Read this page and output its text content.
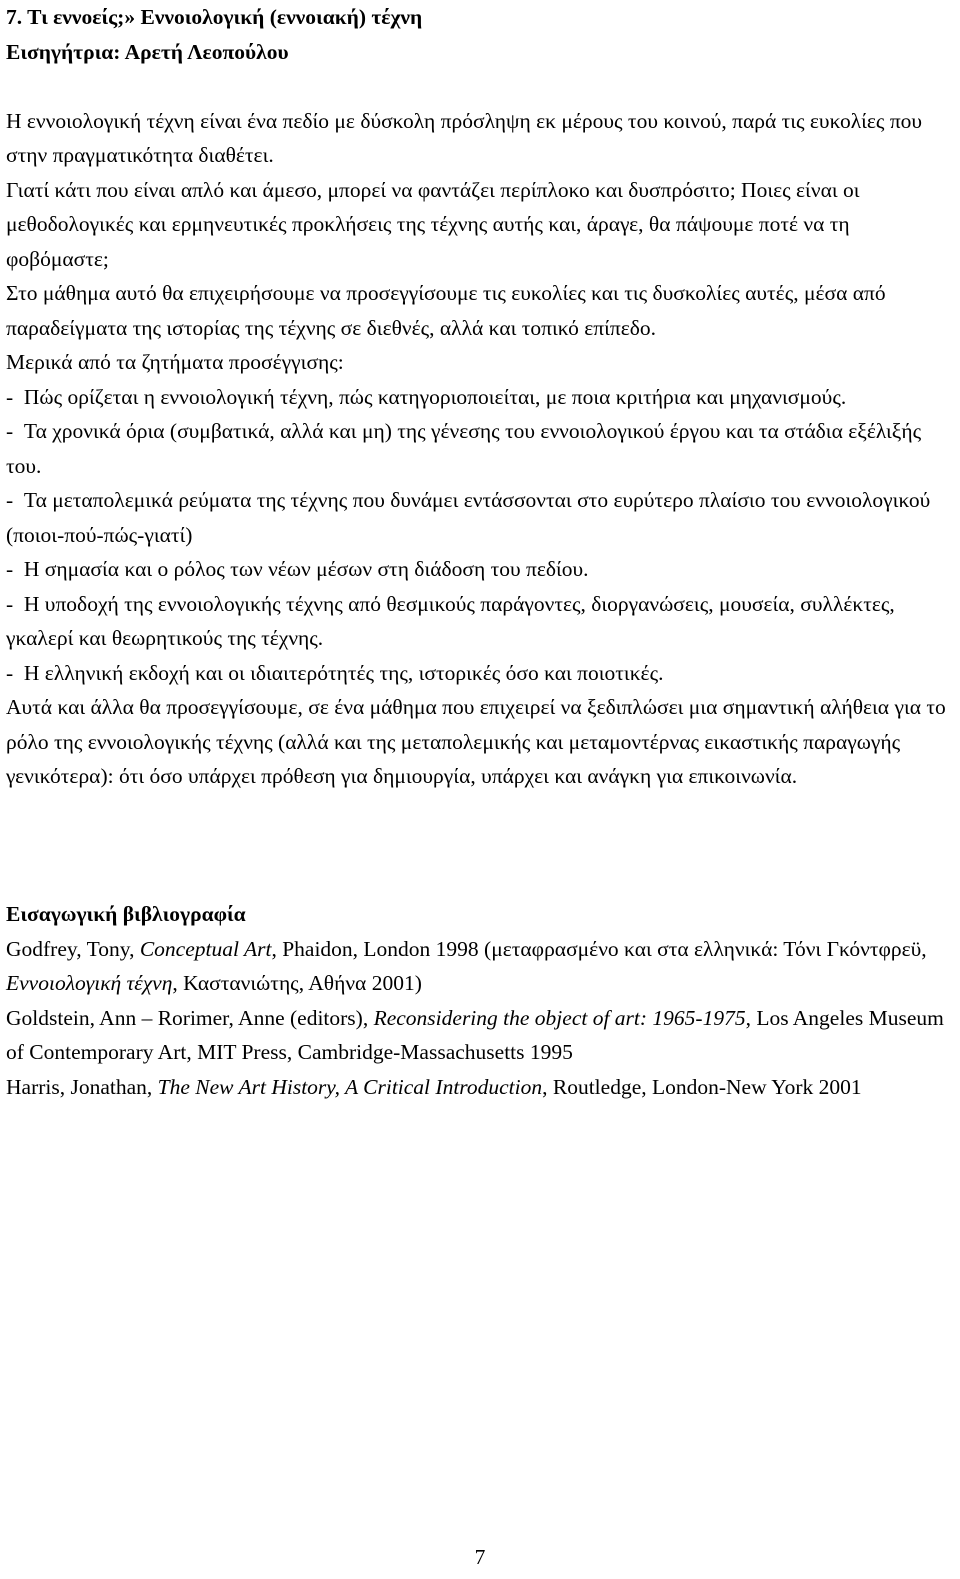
7. Τι εννοείς;» Εννοιολογική (εννοιακή) τέχνη
Εισηγήτρια: Αρετή Λεοπούλου

Η εννοιολογική τέχνη είναι ένα πεδίο με δύσκολη πρόσληψη εκ μέρους του κοινού, παρά τις ευκολίες που στην πραγματικότητα διαθέτει.

Γιατί κάτι που είναι απλό και άμεσο, μπορεί να φαντάζει περίπλοκο και δυσπρόσιτο; Ποιες είναι οι μεθοδολογικές και ερμηνευτικές προκλήσεις της τέχνης αυτής και, άραγε, θα πάψουμε ποτέ να τη φοβόμαστε;

Στο μάθημα αυτό θα επιχειρήσουμε να προσεγγίσουμε τις ευκολίες και τις δυσκολίες αυτές, μέσα από παραδείγματα της ιστορίας της τέχνης σε διεθνές, αλλά και τοπικό επίπεδο.

Μερικά από τα ζητήματα προσέγγισης:

-  Πώς ορίζεται η εννοιολογική τέχνη, πώς κατηγοριοποιείται, με ποια κριτήρια και μηχανισμούς.

-  Τα χρονικά όρια (συμβατικά, αλλά και μη) της γένεσης του εννοιολογικού έργου και τα στάδια εξέλιξής του.

-  Τα μεταπολεμικά ρεύματα της τέχνης που δυνάμει εντάσσονται στο ευρύτερο πλαίσιο του εννοιολογικού (ποιοι-πού-πώς-γιατί)

-  Η σημασία και ο ρόλος των νέων μέσων στη διάδοση του πεδίου.

-  Η υποδοχή της εννοιολογικής τέχνης από θεσμικούς παράγοντες, διοργανώσεις, μουσεία, συλλέκτες, γκαλερί και θεωρητικούς της τέχνης.

-  Η ελληνική εκδοχή και οι ιδιαιτερότητές της, ιστορικές όσο και ποιοτικές.

Αυτά και άλλα θα προσεγγίσουμε, σε ένα μάθημα που επιχειρεί να ξεδιπλώσει μια σημαντική αλήθεια για το ρόλο της εννοιολογικής τέχνης (αλλά και της μεταπολεμικής και μεταμοντέρνας εικαστικής παραγωγής γενικότερα): ότι όσο υπάρχει πρόθεση για δημιουργία, υπάρχει και ανάγκη για επικοινωνία.

Εισαγωγική βιβλιογραφία

Godfrey, Tony, Conceptual Art, Phaidon, London 1998 (μεταφρασμένο και στα ελληνικά: Τόνι Γκόντφρεϋ, Εννοιολογική τέχνη, Καστανιώτης, Αθήνα 2001)

Goldstein, Ann – Rorimer, Anne (editors), Reconsidering the object of art: 1965-1975, Los Angeles Museum of Contemporary Art, MIT Press, Cambridge-Massachusetts 1995

Harris, Jonathan, The New Art History, A Critical Introduction, Routledge, London-New York 2001

7
